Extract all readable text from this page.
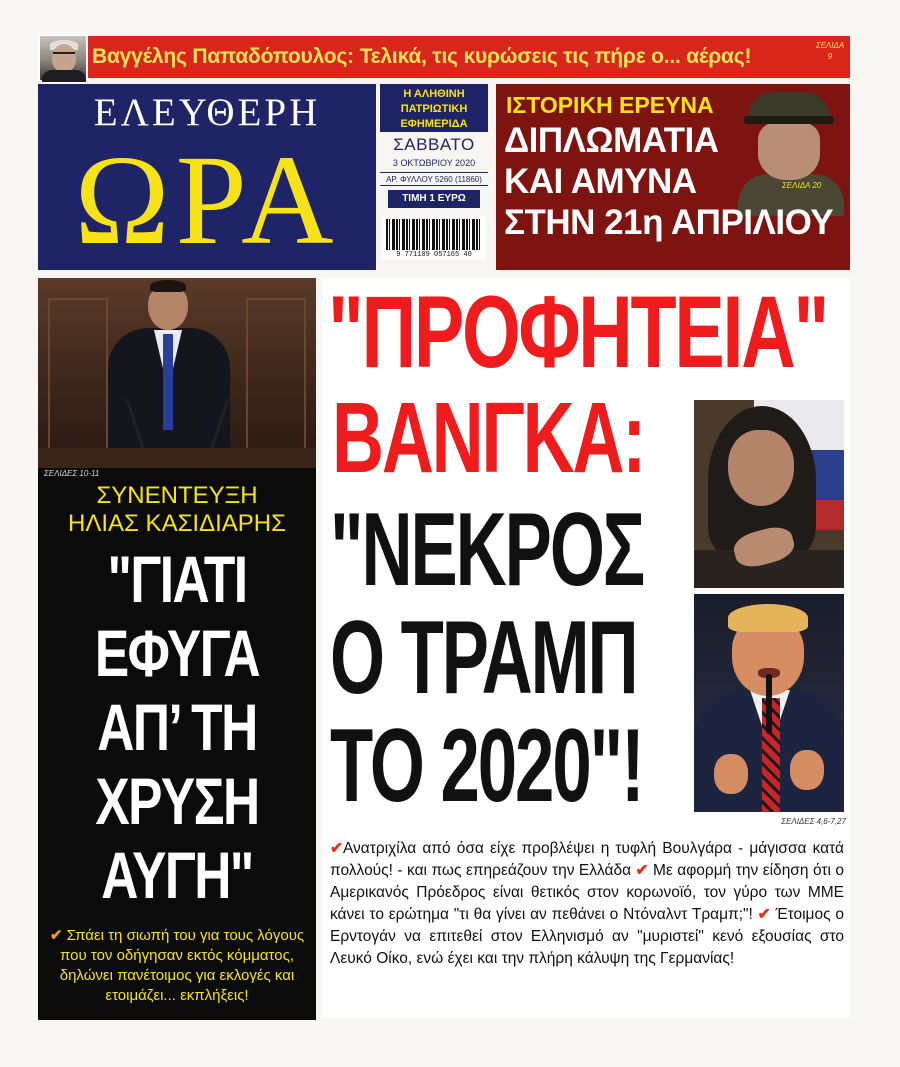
Βαγγέλης Παπαδόπουλος: Τελικά, τις κυρώσεις τις πήρε ο... αέρας!	ΣΕΛΙΔΑ
9
ΕΛΕΥΘΕΡΗ
ΩΡΑ
Η ΑΛΗΘΙΝΗ
ΠΑΤΡΙΩΤΙΚΗ
ΕΦΗΜΕΡΙΔΑ
ΣΑΒΒΑΤΟ
3 ΟΚΤΩΒΡΙΟΥ 2020
ΑΡ. ΦΥΛΛΟΥ 5260 (11860)
ΤΙΜΗ 1 ΕΥΡΩ
9 771109 057165 40
ΙΣΤΟΡΙΚΗ ΕΡΕΥΝΑ
ΔΙΠΛΩΜΑΤΙΑ
ΚΑΙ ΑΜΥΝΑ
ΣΤΗΝ 21η ΑΠΡΙΛΙΟΥ
ΣΕΛΙΔΑ 20
ΣΕΛΙΔΕΣ 10-11
ΣΥΝΕΝΤΕΥΞΗ
ΗΛΙΑΣ ΚΑΣΙΔΙΑΡΗΣ
"ΓΙΑΤΙ
ΕΦΥΓΑ
ΑΠ’ ΤΗ
ΧΡΥΣΗ
ΑΥΓΗ"
✔ Σπάει τη σιωπή του για τους λόγους που τον οδήγησαν εκτός κόμματος, δηλώνει πανέτοιμος για εκλογές και ετοιμάζει... εκπλήξεις!
"ΠΡΟΦΗΤΕΙΑ"
ΒΑΝΓΚΑ:
"ΝΕΚΡΟΣ
Ο ΤΡΑΜΠ
ΤΟ 2020"!	ΣΕΛΙΔΕΣ 4,6-7,27
✔Ανατριχίλα από όσα είχε προβλέψει η τυφλή Βουλγάρα - μάγισσα κατά πολλούς! - και πως επηρεάζουν την Ελλάδα ✔ Με αφορμή την είδηση ότι ο Αμερικανός Πρόεδρος είναι θετικός στον κορωνοϊό, τον γύρο των ΜΜΕ κάνει το ερώτημα "τι θα γίνει αν πεθάνει ο Ντόναλντ Τραμπ;"! ✔ Έτοιμος ο Ερντογάν να επιτεθεί στον Ελληνισμό αν "μυριστεί" κενό εξουσίας στο Λευκό Οίκο, ενώ έχει και την πλήρη κάλυψη της Γερμανίας!
